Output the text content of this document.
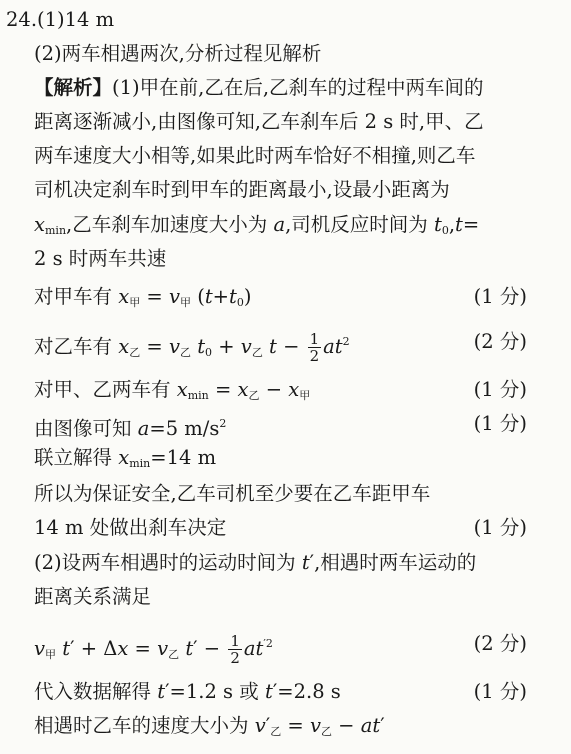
24.(1)14 m
(2)两车相遇两次,分析过程见解析
【解析】(1)甲在前,乙在后,乙刹车的过程中两车间的
距离逐渐减小,由图像可知,乙车刹车后 2 s 时,甲、乙
两车速度大小相等,如果此时两车恰好不相撞,则乙车
司机决定刹车时到甲车的距离最小,设最小距离为
$x_{min}$,乙车刹车加速度大小为 a,司机反应时间为 $t_0,t=$
2 s 时两车共速
对甲车有 $x_甲 = v_甲$ $(t+t_0)$	(1 分)
对乙车有 $x_乙 = v_乙$ $t_0 + v_乙$ $t - \frac{1}{2} at^2$	(2 分)
对甲、乙两车有 $x_{min} = x_乙 - x_甲$	(1 分)
由图像可知 a=5 $m/s^2$	(1 分)
联立解得 $x_{min}=14$ m
所以为保证安全,乙车司机至少要在乙车距甲车
14 m 处做出刹车决定	(1 分)
(2)设两车相遇时的运动时间为 t′,相遇时两车运动的
距离关系满足
$v_甲$ $t' + \Delta x = v_乙$ $t' - \frac{1}{2} at^{'2}$	(2 分)
代入数据解得 t′=1.2 s 或 t′=2.8 s	(1 分)
相遇时乙车的速度大小为 $v'_乙 = v_乙 - at'$
